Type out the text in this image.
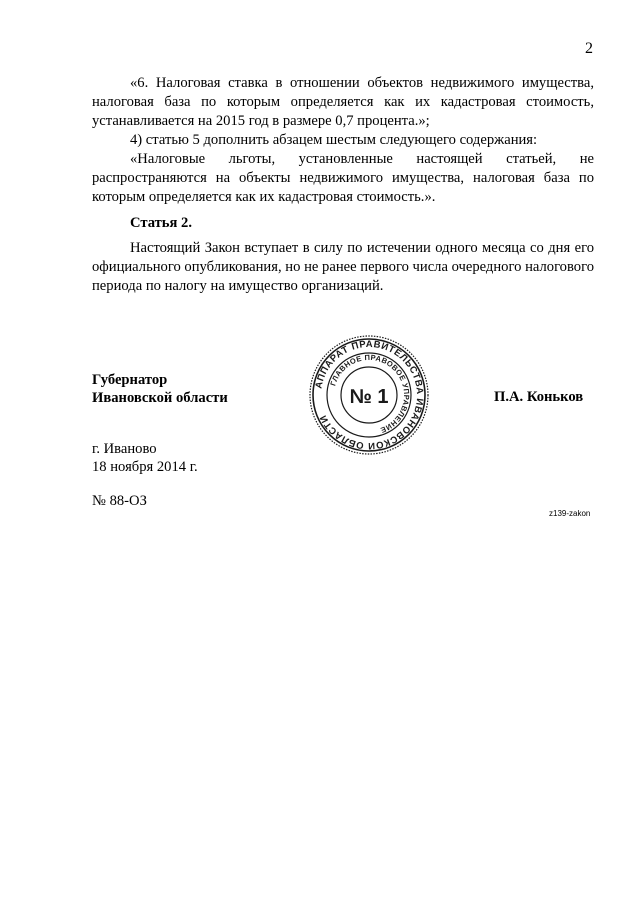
2

«6. Налоговая ставка в отношении объектов недвижимого имущества, налоговая база по которым определяется как их кадастровая стоимость, устанавливается на 2015 год в размере 0,7 процента.»;

4) статью 5 дополнить абзацем шестым следующего содержания:

«Налоговые льготы, установленные настоящей статьей, не распространяются на объекты недвижимого имущества, налоговая база по которым определяется как их кадастровая стоимость.».

Статья 2.

Настоящий Закон вступает в силу по истечении одного месяца со дня его официального опубликования, но не ранее первого числа очередного налогового периода по налогу на имущество организаций.

Губернатор
Ивановской области
АППАРАТ ПРАВИТЕЛЬСТВА ИВАНОВСКОЙ ОБЛАСТИ
ГЛАВНОЕ ПРАВОВОЕ УПРАВЛЕНИЕ
№ 1	П.А. Коньков
г. Иваново
18 ноября 2014 г.
№ 88-ОЗ
z139-zakon
